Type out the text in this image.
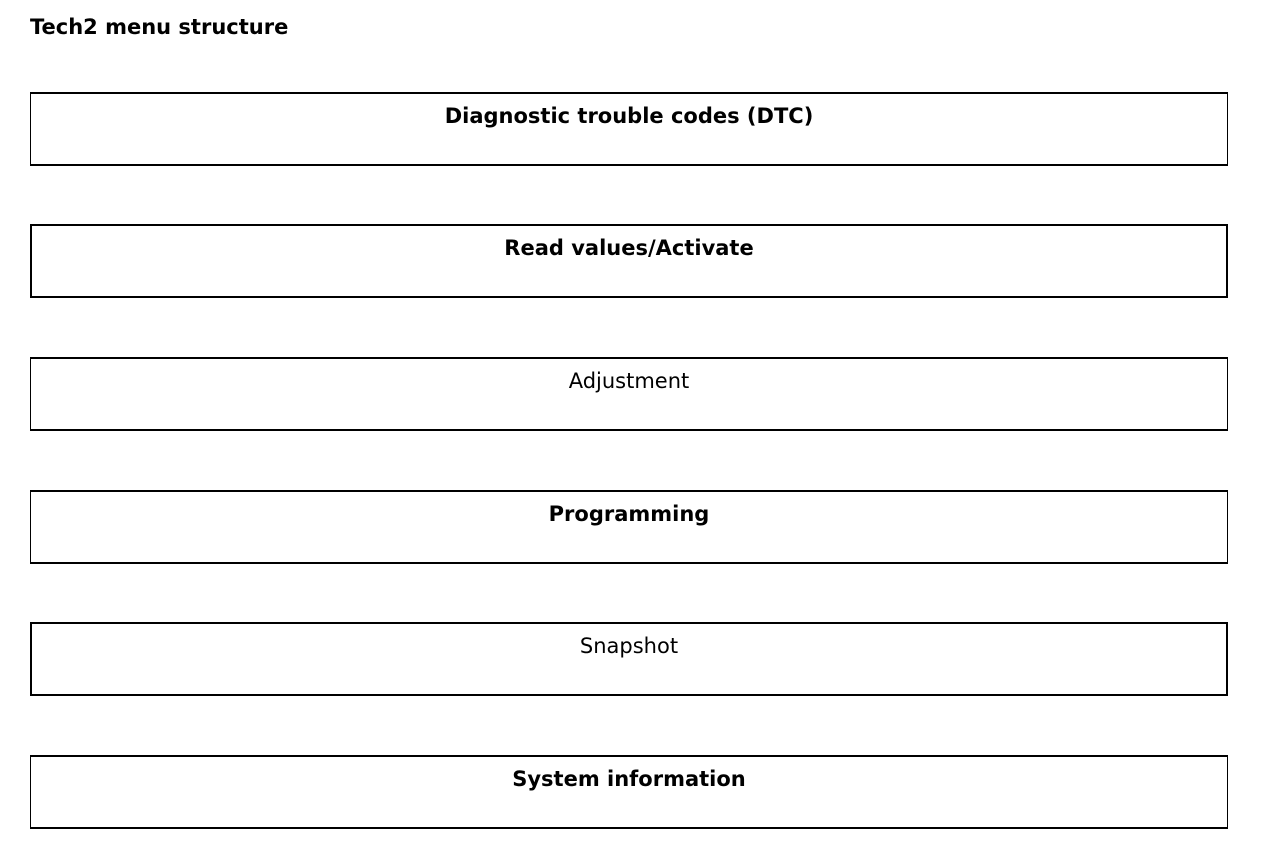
Tech2 menu structure
Diagnostic trouble codes (DTC)
Read values/Activate
Adjustment
Programming
Snapshot
System information
